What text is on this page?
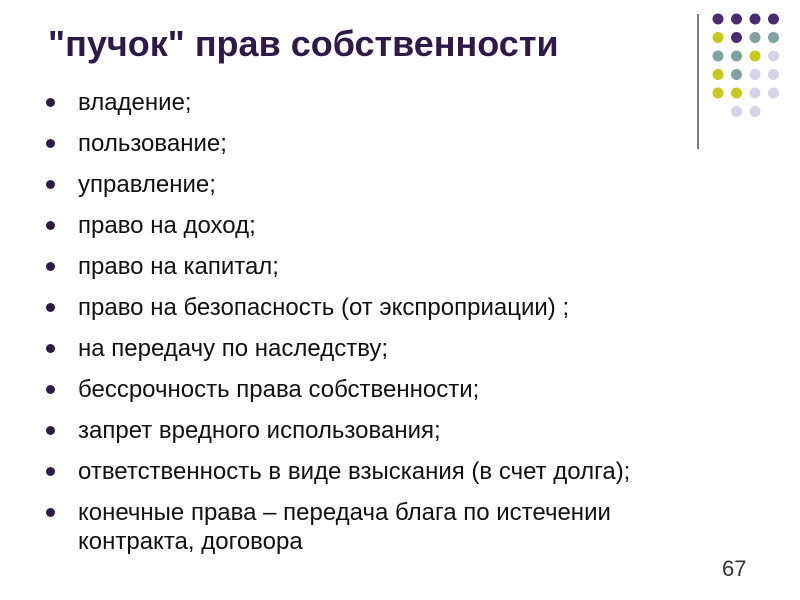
"пучок" прав собственности
владение;
пользование;
управление;
право на доход;
право на капитал;
право на безопасность (от экспроприации) ;
на передачу по наследству;
бессрочность права собственности;
запрет вредного использования;
ответственность в виде взыскания (в счет долга);
конечные права – передача блага по истечении контракта, договора
67
